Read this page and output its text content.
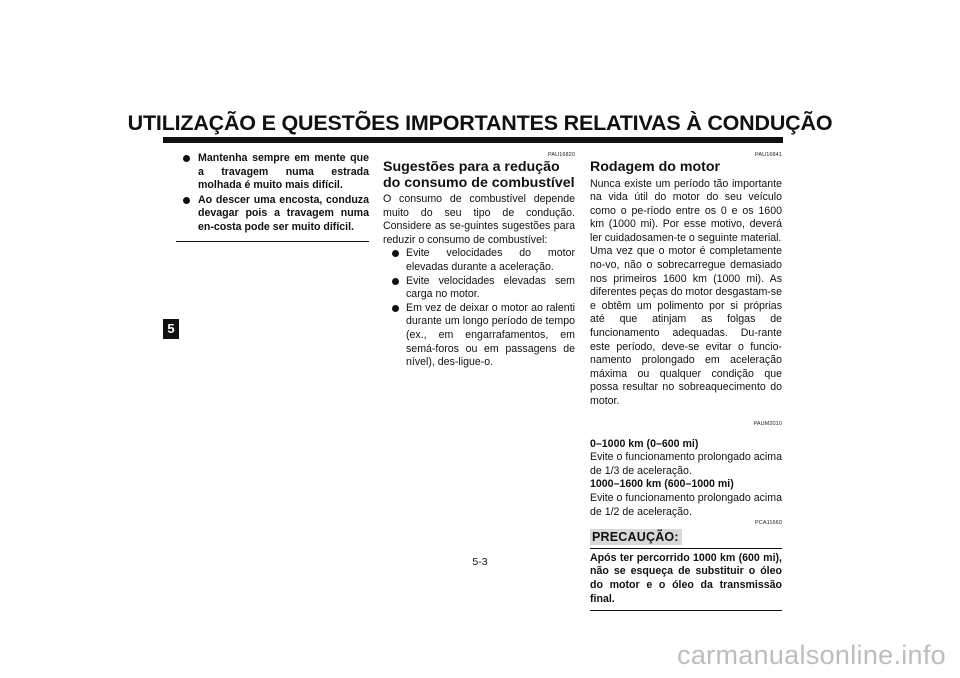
UTILIZAÇÃO E QUESTÕES IMPORTANTES RELATIVAS À CONDUÇÃO
5
Mantenha sempre em mente que a travagem numa estrada molhada é muito mais difícil.
Ao descer uma encosta, conduza devagar pois a travagem numa en-costa pode ser muito difícil.
PAU16820
Sugestões para a redução do consumo de combustível
O consumo de combustível depende muito do seu tipo de condução. Considere as se-guintes sugestões para reduzir o consumo de combustível:
Evite velocidades do motor elevadas durante a aceleração.
Evite velocidades elevadas sem carga no motor.
Em vez de deixar o motor ao ralenti durante um longo período de tempo (ex., em engarrafamentos, em semá-foros ou em passagens de nível), des-ligue-o.
PAU16841
Rodagem do motor
Nunca existe um período tão importante na vida útil do motor do seu veículo como o pe-ríodo entre os 0 e os 1600 km (1000 mi). Por esse motivo, deverá ler cuidadosamen-te o seguinte material.
Uma vez que o motor é completamente no-vo, não o sobrecarregue demasiado nos primeiros 1600 km (1000 mi). As diferentes peças do motor desgastam-se e obtêm um polimento por si próprias até que atinjam as folgas de funcionamento adequadas. Du-rante este período, deve-se evitar o funcio-namento prolongado em aceleração máxima ou qualquer condição que possa resultar no sobreaquecimento do motor.
PAUM2010
0–1000 km (0–600 mi)
Evite o funcionamento prolongado acima de 1/3 de aceleração.
1000–1600 km (600–1000 mi)
Evite o funcionamento prolongado acima de 1/2 de aceleração.
PCA11660
PRECAUÇÃO:
Após ter percorrido 1000 km (600 mi), não se esqueça de substituir o óleo do motor e o óleo da transmissão final.
5-3
carmanualsonline.info
